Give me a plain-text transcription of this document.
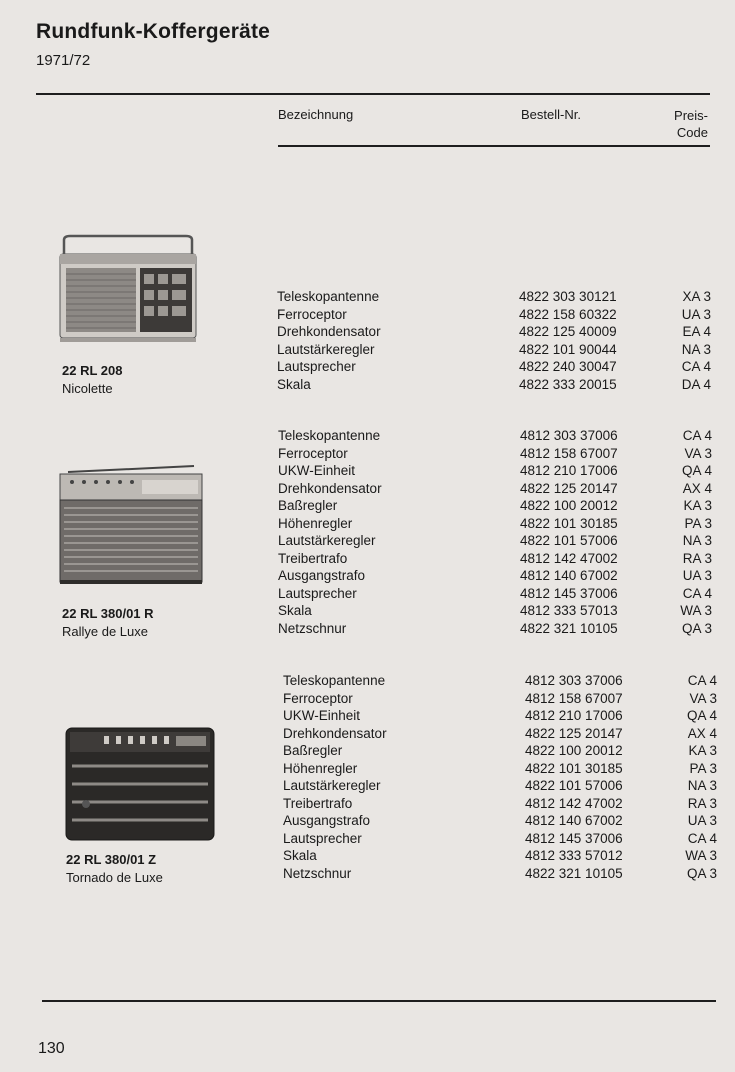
Rundfunk-Koffergeräte
1971/72
Bezeichnung	Bestell-Nr.	Preis-
Code
22 RL 208
Nicolette
Teleskopantenne	4822 303 30121	XA 3
Ferroceptor	4822 158 60322	UA 3
Drehkondensator	4822 125 40009	EA 4
Lautstärkeregler	4822 101 90044	NA 3
Lautsprecher	4822 240 30047	CA 4
Skala	4822 333 20015	DA 4
22 RL 380/01 R
Rallye de Luxe
Teleskopantenne	4812 303 37006	CA 4
Ferroceptor	4812 158 67007	VA 3
UKW-Einheit	4812 210 17006	QA 4
Drehkondensator	4822 125 20147	AX 4
Baßregler	4822 100 20012	KA 3
Höhenregler	4822 101 30185	PA 3
Lautstärkeregler	4822 101 57006	NA 3
Treibertrafo	4812 142 47002	RA 3
Ausgangstrafo	4812 140 67002	UA 3
Lautsprecher	4812 145 37006	CA 4
Skala	4812 333 57013	WA 3
Netzschnur	4822 321 10105	QA 3
22 RL 380/01 Z
Tornado de Luxe
Teleskopantenne	4812 303 37006	CA 4
Ferroceptor	4812 158 67007	VA 3
UKW-Einheit	4812 210 17006	QA 4
Drehkondensator	4822 125 20147	AX 4
Baßregler	4822 100 20012	KA 3
Höhenregler	4822 101 30185	PA 3
Lautstärkeregler	4822 101 57006	NA 3
Treibertrafo	4812 142 47002	RA 3
Ausgangstrafo	4812 140 67002	UA 3
Lautsprecher	4812 145 37006	CA 4
Skala	4812 333 57012	WA 3
Netzschnur	4822 321 10105	QA 3
130
